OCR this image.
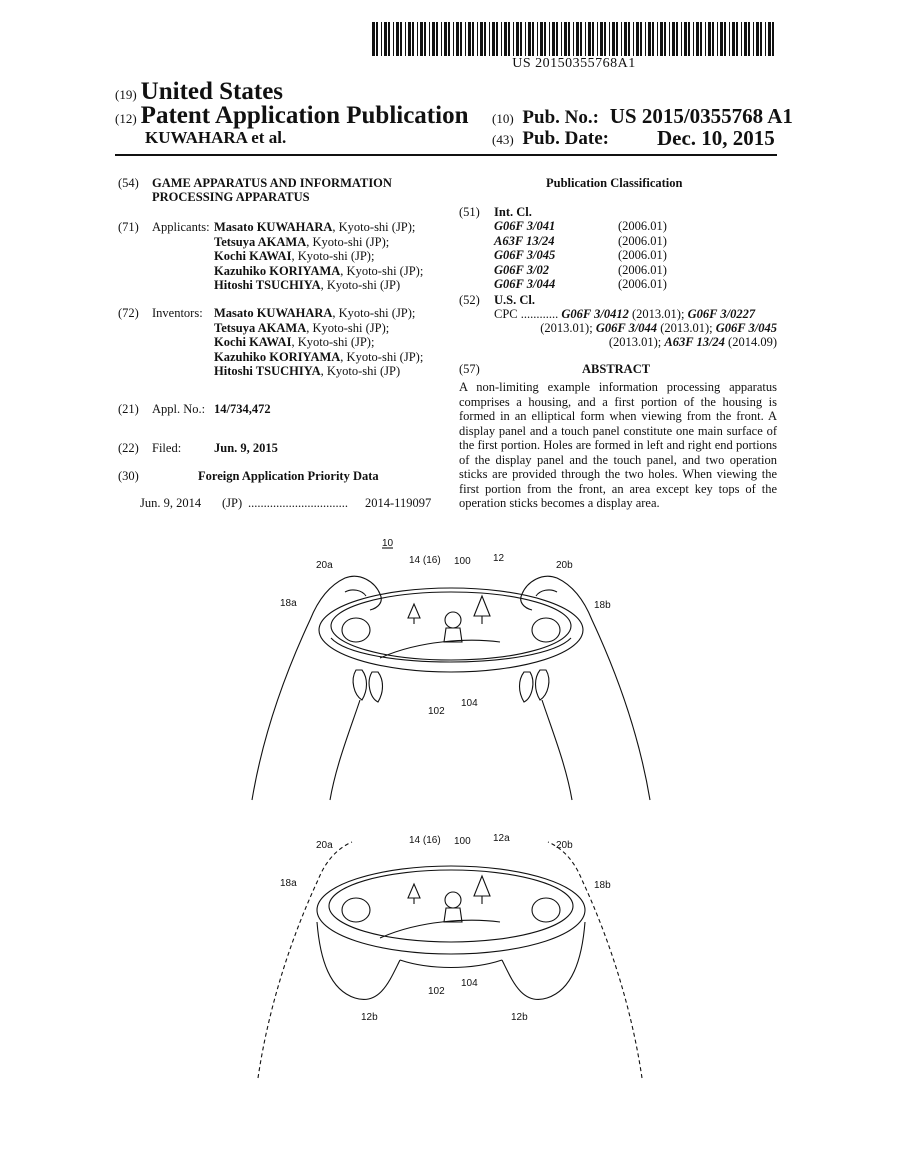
US 20150355768A1
(19) United States
(12) Patent Application Publication
KUWAHARA et al.
(10) Pub. No.: US 2015/0355768 A1
(43) Pub. Date: Dec. 10, 2015
(54) GAME APPARATUS AND INFORMATION
PROCESSING APPARATUS
(71) Applicants: Masato KUWAHARA, Kyoto-shi (JP);
Tetsuya AKAMA, Kyoto-shi (JP);
Kochi KAWAI, Kyoto-shi (JP);
Kazuhiko KORIYAMA, Kyoto-shi (JP);
Hitoshi TSUCHIYA, Kyoto-shi (JP)
(72) Inventors: Masato KUWAHARA, Kyoto-shi (JP);
Tetsuya AKAMA, Kyoto-shi (JP);
Kochi KAWAI, Kyoto-shi (JP);
Kazuhiko KORIYAMA, Kyoto-shi (JP);
Hitoshi TSUCHIYA, Kyoto-shi (JP)
(21) Appl. No.: 14/734,472
(22) Filed:	Jun. 9, 2015
(30)	Foreign Application Priority Data
Jun. 9, 2014 (JP) ................................ 2014-119097
Publication Classification
(51) Int. Cl.
G06F 3/041	(2006.01)
A63F 13/24	(2006.01)
G06F 3/045	(2006.01)
G06F 3/02	(2006.01)
G06F 3/044	(2006.01)
(52) U.S. Cl.
CPC ............ G06F 3/0412 (2013.01); G06F 3/0227
(2013.01); G06F 3/044 (2013.01); G06F 3/045
(2013.01); A63F 13/24 (2014.09)
(57)	ABSTRACT
A non-limiting example information processing apparatus comprises a housing, and a first portion of the housing is formed in an elliptical form when viewing from the front. A display panel and a touch panel constitute one main surface of the first portion. Holes are formed in left and right end portions of the display panel and the touch panel, and two operation sticks are provided through the two holes. When viewing the first portion from the front, an area except key tops of the operation sticks becomes a display area.
10
20a	14 (16) 100 12
20b
18a	18b
102
104
20a	14 (16) 100 12a
20b
18a	18b
102
104
12b	12b
